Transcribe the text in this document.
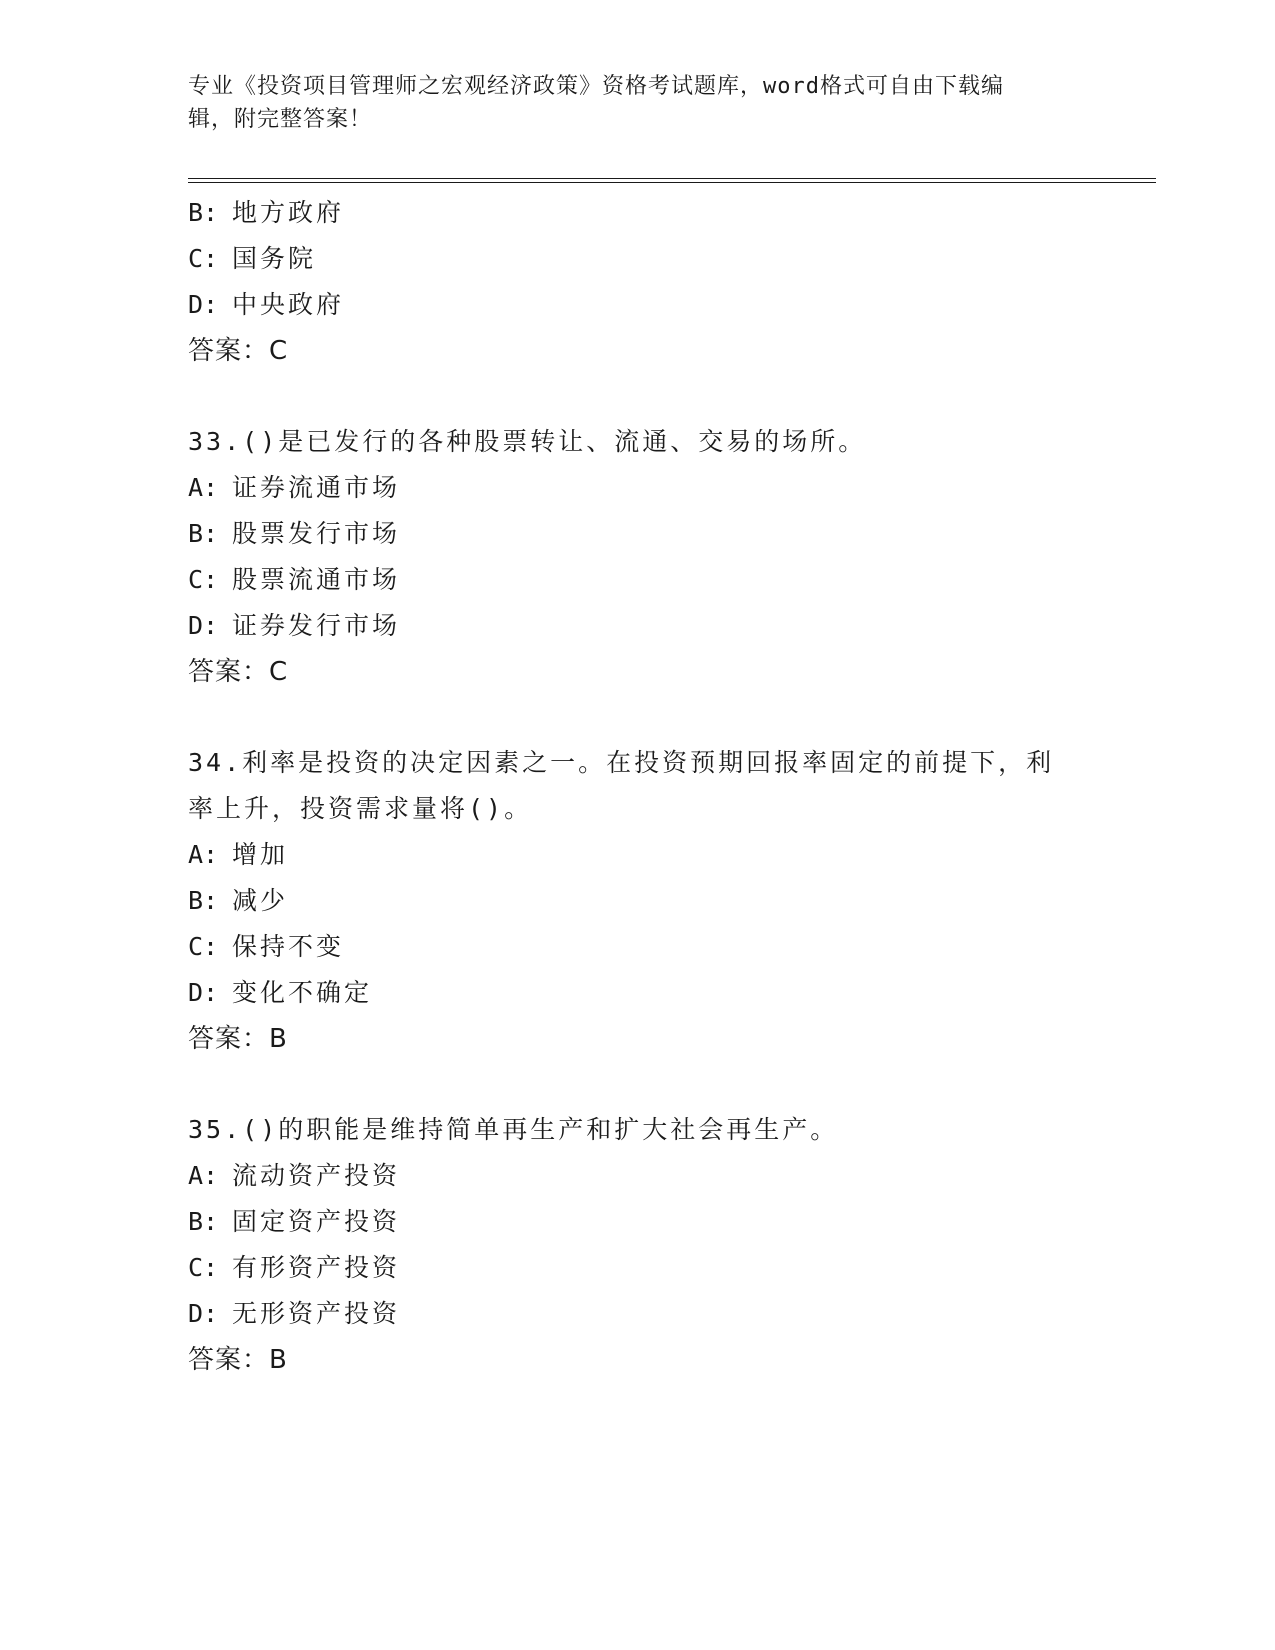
专业《投资项目管理师之宏观经济政策》资格考试题库，word格式可自由下载编
辑，附完整答案！
B: 地方政府
C: 国务院
D: 中央政府
答案：C
33.()是已发行的各种股票转让、流通、交易的场所。
A: 证券流通市场
B: 股票发行市场
C: 股票流通市场
D: 证券发行市场
答案：C
34.利率是投资的决定因素之一。在投资预期回报率固定的前提下，利
率上升，投资需求量将()。
A: 增加
B: 减少
C: 保持不变
D: 变化不确定
答案：B
35.()的职能是维持简单再生产和扩大社会再生产。
A: 流动资产投资
B: 固定资产投资
C: 有形资产投资
D: 无形资产投资
答案：B
